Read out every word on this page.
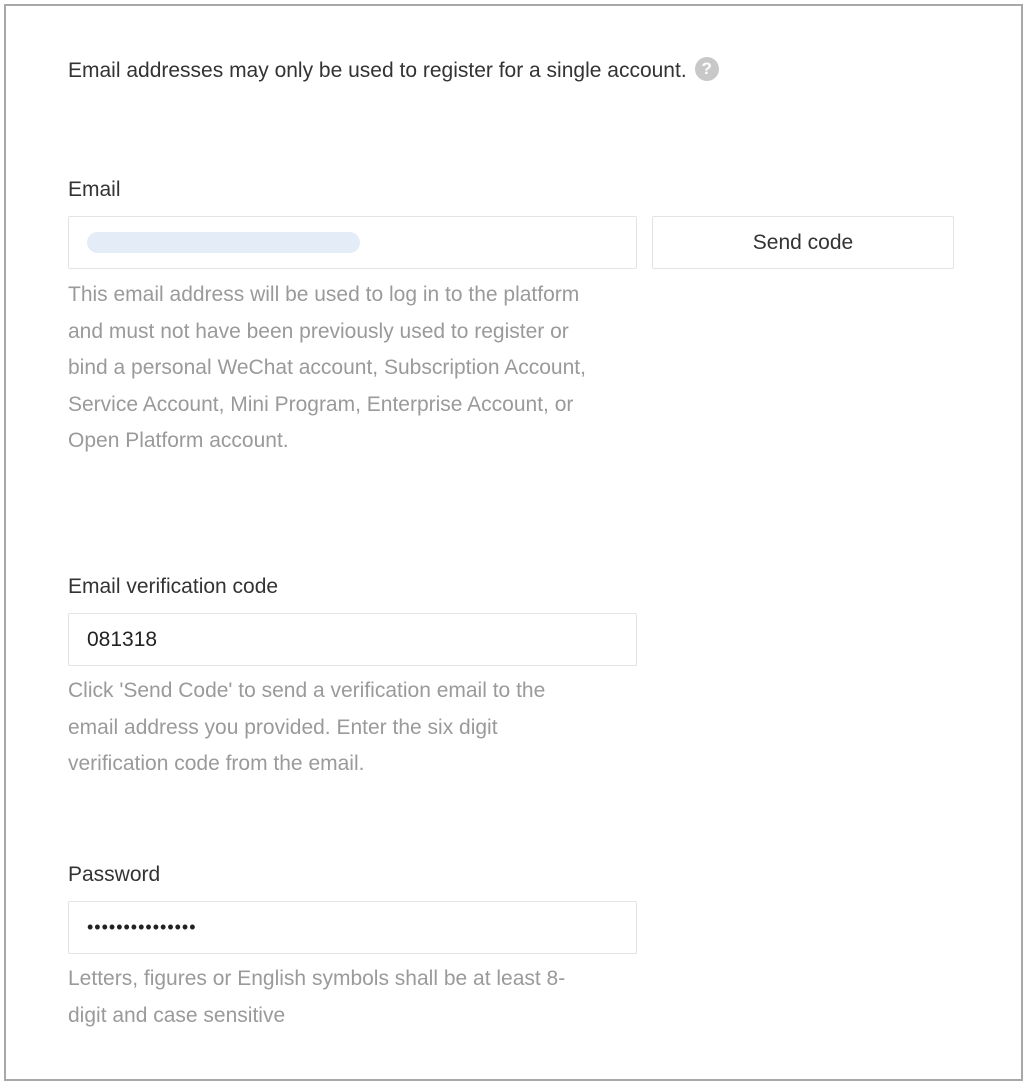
Email addresses may only be used to register for a single account. ?
Email
Send code
This email address will be used to log in to the platform and must not have been previously used to register or bind a personal WeChat account, Subscription Account, Service Account, Mini Program, Enterprise Account, or Open Platform account.
Email verification code
081318
Click 'Send Code' to send a verification email to the email address you provided. Enter the six digit verification code from the email.
Password
•••••••••••••••
Letters, figures or English symbols shall be at least 8-digit and case sensitive
